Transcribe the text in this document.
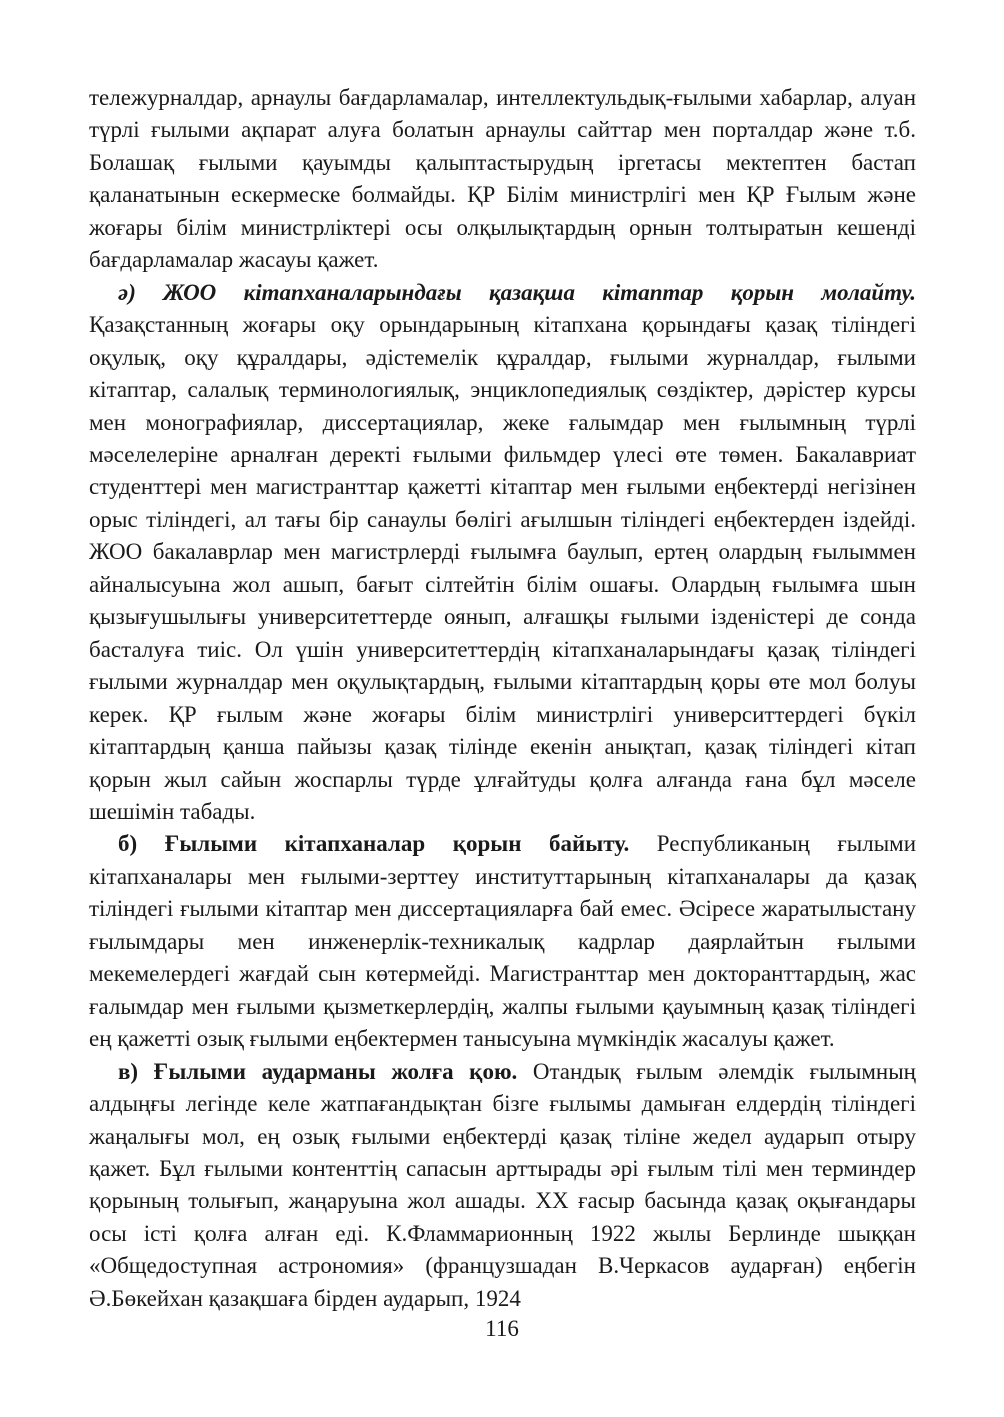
тележурналдар, арнаулы бағдарламалар, интеллектульдық-ғылыми хабарлар, алуан түрлі ғылыми ақпарат алуға болатын арнаулы сайттар мен порталдар және т.б. Болашақ ғылыми қауымды қалыптастырудың іргетасы мектептен бастап қаланатынын ескермеске болмайды. ҚР Білім министрлігі мен ҚР Ғылым және жоғары білім министрліктері осы олқылықтардың орнын толтыратын кешенді бағдарламалар жасауы қажет.

ә) ЖОО кітапханаларындағы қазақша кітаптар қорын молайту. Қазақстанның жоғары оқу орындарының кітапхана қорындағы қазақ тіліндегі оқулық, оқу құралдары, әдістемелік құралдар, ғылыми журналдар, ғылыми кітаптар, салалық терминологиялық, энциклопедиялық сөздіктер, дәрістер курсы мен монографиялар, диссертациялар, жеке ғалымдар мен ғылымның түрлі мәселелеріне арналған деректі ғылыми фильмдер үлесі өте төмен. Бакалавриат студенттері мен магистранттар қажетті кітаптар мен ғылыми еңбектерді негізінен орыс тіліндегі, ал тағы бір санаулы бөлігі ағылшын тіліндегі еңбектерден іздейді. ЖОО бакалаврлар мен магистрлерді ғылымға баулып, ертең олардың ғылыммен айналысуына жол ашып, бағыт сілтейтін білім ошағы. Олардың ғылымға шын қызығушылығы университеттерде оянып, алғашқы ғылыми ізденістері де сонда басталуға тиіс. Ол үшін университеттердің кітапханаларындағы қазақ тіліндегі ғылыми журналдар мен оқулықтардың, ғылыми кітаптардың қоры өте мол болуы керек. ҚР ғылым және жоғары білім министрлігі университтердегі бүкіл кітаптардың қанша пайызы қазақ тілінде екенін анықтап, қазақ тіліндегі кітап қорын жыл сайын жоспарлы түрде ұлғайтуды қолға алғанда ғана бұл мәселе шешімін табады.

б) Ғылыми кітапханалар қорын байыту. Республиканың ғылыми кітапханалары мен ғылыми-зерттеу институттарының кітапханалары да қазақ тіліндегі ғылыми кітаптар мен диссертацияларға бай емес. Әсіресе жаратылыстану ғылымдары мен инженерлік-техникалық кадрлар даярлайтын ғылыми мекемелердегі жағдай сын көтермейді. Магистранттар мен докторанттардың, жас ғалымдар мен ғылыми қызметкерлердің, жалпы ғылыми қауымның қазақ тіліндегі ең қажетті озық ғылыми еңбектермен танысуына мүмкіндік жасалуы қажет.

в) Ғылыми аударманы жолға қою. Отандық ғылым әлемдік ғылымның алдыңғы легінде келе жатпағандықтан бізге ғылымы дамыған елдердің тіліндегі жаңалығы мол, ең озық ғылыми еңбектерді қазақ тіліне жедел аударып отыру қажет. Бұл ғылыми контенттің сапасын арттырады әрі ғылым тілі мен терминдер қорының толығып, жаңаруына жол ашады. ХХ ғасыр басында қазақ оқығандары осы істі қолға алған еді. К.Фламмарионның 1922 жылы Берлинде шыққан «Общедоступная астрономия» (французшадан В.Черкасов аударған) еңбегін Ә.Бөкейхан қазақшаға бірден аударып, 1924

116
